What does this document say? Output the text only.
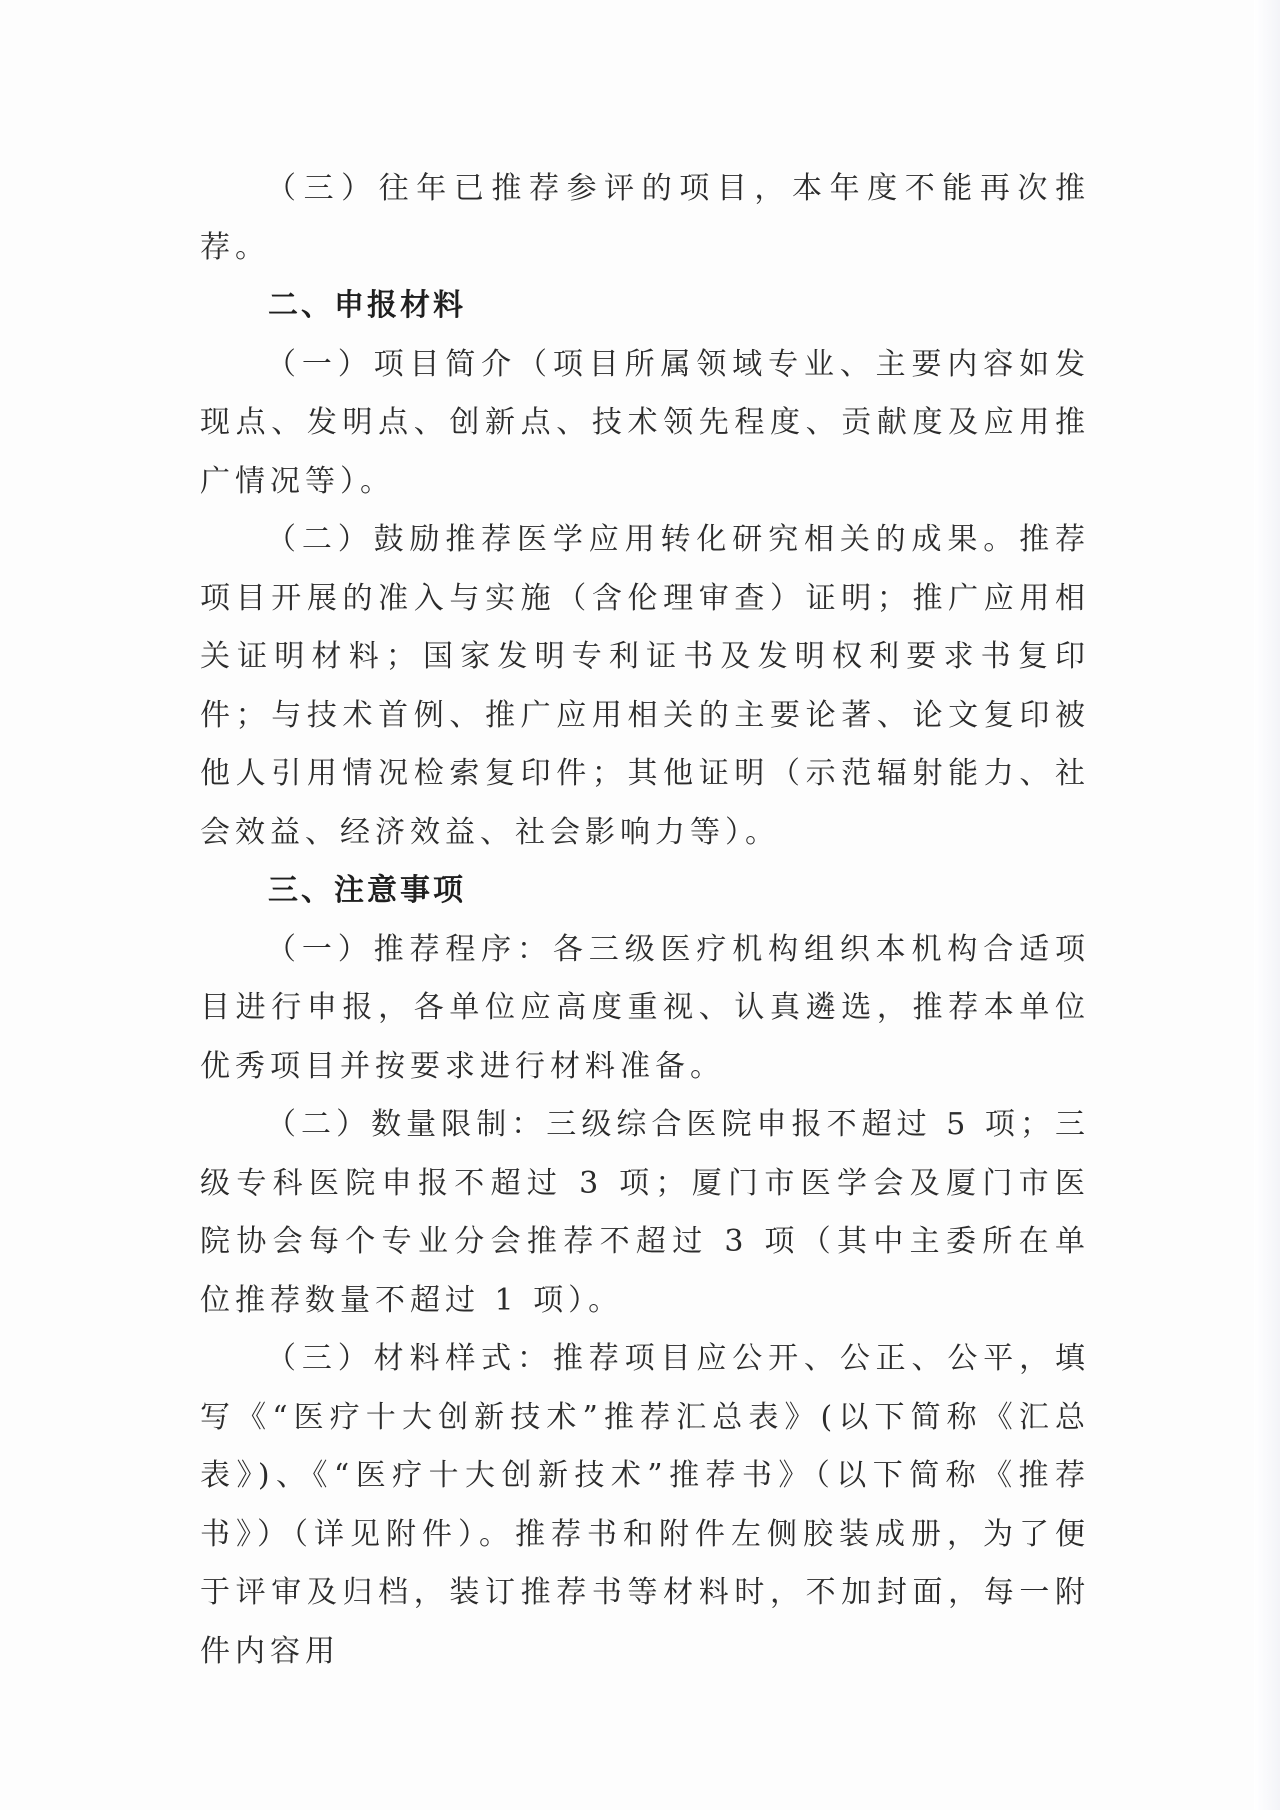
（三）往年已推荐参评的项目，本年度不能再次推荐。

二、申报材料

（一）项目简介（项目所属领域专业、主要内容如发现点、发明点、创新点、技术领先程度、贡献度及应用推广情况等）。

（二）鼓励推荐医学应用转化研究相关的成果。推荐项目开展的准入与实施（含伦理审查）证明；推广应用相关证明材料；国家发明专利证书及发明权利要求书复印件；与技术首例、推广应用相关的主要论著、论文复印被他人引用情况检索复印件；其他证明（示范辐射能力、社会效益、经济效益、社会影响力等）。

三、注意事项

（一）推荐程序：各三级医疗机构组织本机构合适项目进行申报，各单位应高度重视、认真遴选，推荐本单位优秀项目并按要求进行材料准备。

（二）数量限制：三级综合医院申报不超过 5 项；三级专科医院申报不超过 3 项；厦门市医学会及厦门市医院协会每个专业分会推荐不超过 3 项（其中主委所在单位推荐数量不超过 1 项）。

（三）材料样式：推荐项目应公开、公正、公平，填写《“医疗十大创新技术”推荐汇总表》(以下简称《汇总表》)、《“医疗十大创新技术”推荐书》（以下简称《推荐书》）（详见附件）。推荐书和附件左侧胶装成册，为了便于评审及归档，装订推荐书等材料时，不加封面，每一附件内容用
